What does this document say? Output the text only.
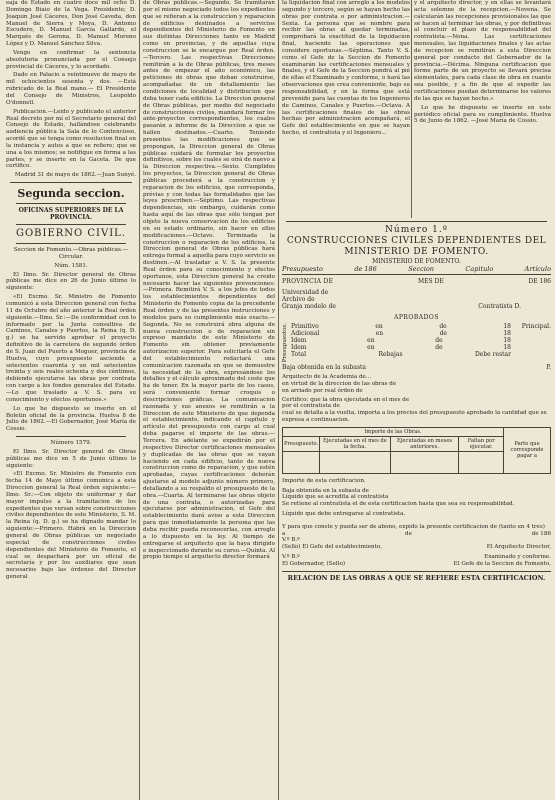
eaja de Estado en cuatro doce mil ocho D. Domingo Biaio de la Vega. Presidente; D. Joaquin José Cáceres, Don José Caveda, don Manuel de Sierra y Moya, D. Antonio Escudero, D. Manuel García Gallardo, el Marqués de Gerona, D. Manuel Moreno López y D. Manuel Sánchez Silva.

Vengo en confirmar la sentencia absolutoria pronunciada por el Consejo provincial de Cáceres, y lo acordado.

Dado en Palacio a veintinueve de mayo de mil ochocientos sesenta y dos. —Está rubricado de la Real mano.— El Presidente del Consejo de Ministros, Leopoldo O'donnell.

Publicacion.—Leido y publicado el anterior Real decreto por mí el Secretario general del Consejo de Estado, hallándose celebrando audiencia pública la Sala de lo Contencioso, acordé que se tenga como resolucion final en la instancia y autos a que se refiere; que se una a los mismos; se notifique en forma a las partes, y se inserte en la Gaceta. De que certifico.

Madrid 31 de mayo de 1862.—Juan Sunyé.

Segunda seccion.
OFICINAS SUPERIORES DE LA PROVINCIA.
GOBIERNO CIVIL.

Seccion de Fomento.—Obras públicas.—Circular.

Núm. 1581.

El Ilmo. Sr. Director general de Obras públicas me dice en 26 de Junio último lo siguiente:

«El Excmo. Sr. Ministro de Fomento comunicó a esta Direccion general con fecha 11 de Octubre del año anterior la Real órden siguiente.—Ilmo. Sr.:—De conformidad con lo informado por la Junta consultiva de Caminos, Canales y Puertos, la Reina (q. D. g.) se ha servido aprobar el proyecto definitivo de la carretera de segundo órden de S. Juan del Puerto a Moguer, provincia de Huelva, cuyo presupuesto asciende a setecientos cuarenta y un mil setecientos treinta y seis reales ochenta y dos céntimos, debiendo ejecutarse las obras por contrata con cargo a los fondos generales del Estado.—Lo que traslado a V. S. para su conocimiento y efectos oportunos.»

Lo que he dispuesto se inserte en el Boletin oficial de la provincia. Huelva 8 de Julio de 1862.—El Gobernador, José María de Cossio.

Número 1579.

El Ilmo. Sr. Director general de Obras públicas me dice en 5 de Junio último lo siguiente:

«El Excmo. Sr. Ministro de Fomento con fecha 14 de Mayo último comunica a esta Direccion general la Real órden siguiente:—Ilmo. Sr.:—Con objeto de uniformar y dar mayor impulso a la tramitacion de los expedientes que versan sobre construcciones civiles dependientes de este Ministerio, S. M. la Reina (q. D. g.) se ha dignado mandar lo siguiente:—Primero. Habrá en la Direccion general de Obras públicas un negociado especial de construcciones civiles dependientes del Ministerio de Fomento, el cual se despachará por un oficial de secretaría y por los auxiliares que sean necesarios bajo las órdenes del Director general

de Obras públicas.—Segundo. Se tramitarán por el mismo negociado todos los expedientes que se refieran a la construccion y reparacion de edificios destinados a servicios dependientes del Ministerio de Fomento en sus distintas Direcciones tanto en Madrid como en provincias, y de aquellas cuya construccion se le encargue por Real órden. —Tercero. Las respectivas Direcciones remitirán a la de Obras públicas, tres meses antes de empezar el año económico, las peticiones de obras que deban construirse, acompañadas de un detallamiento las condiciones de localidad y distribucion que deba tener cada edificio. La Direccion general de Obras públicas, por medio del negociado de construcciones civiles, mandará formar los ante-proyectos correspondientes, los cuales pasarán a informe de la Direccion a que se hallen destinados.—Cuarto. Teniendo presentes las modificaciones que se propongan, la Direccion general de Obras públicas cuidará de formular los proyectos definitivos, sobre los cuales se oirá de nuevo a la Direccion respectiva.—Sexto. Cumplidos los proyectos, la Direccion general de Obras públicas procederá a la construccion y reparacion de los edificios, que corresponda, prévias y con todas las formalidades que las leyes prescriben.—Séptimo. Las respectivas dependencias, sin embargo, cuidarán como hasta aquí de las obras que sólo tengan por objeto la nueva conservacion de los edificios en su estado ordinario, sin hacer en ellos modificaciones.—Octavo. Terminada la construccion o reparacion de los edificios, la Direccion general de Obras públicas hará entrega formal a aquella para cuyo servicio se destinen.—Al trasladar a V. S. la presente Real órden para su conocimiento y efectos oportunos, esta Direccion general ha creido necesario hacer las siguientes prevenciones:—Primera. Remitirá V. S. a los jefes de todos los establecimientos dependientes del Ministerio de Fomento copia de la precedente Real órden y de las presentes instrucciones y modelos para su cumplimiento más exacto.—Segunda. No se construirá obra alguna de nueva construccion o de reparacion sin expreso mandato de este Ministerio de Fomento sin obtener previamente autorizacion superior. Para solicitarla el Gefe del establecimiento redactará una comunicacion razonada en que se demuestre la necesidad de la obra, expresándose los detalles y el cálculo aproximado del coste que ha de tener. En la mayor parte de los casos, será conveniente formar croquis o descripciones gráficas. La comunicacion razonada y sus anexos se remitirán a la Direccion de este Ministerio de que dependa el establecimiento, indicando el capítulo y artículo del presupuesto con cargo al cual deba pagarse el importe de las obras.—Tercera. En adelante se expedirán por el respectivo Director certificaciones mensuales y duplicadas de las obras que se vayan haciendo en cada edificio, tanto de nueva construccion como de reparacion, y que estén aprobadas, cuyas certificaciones deberán ajustarse al modelo adjunto número primero, detallando a su respaldo el presupuesto de la obra.—Cuarta. Al terminarse las obras objeto de una contrata, o autorizadas para ejecutarse por administracion, el Gefe del establecimiento dará aviso a esta Direccion para que inmediatamente la persona que las deba recibir pueda reconocerlas, con arreglo a lo dispuesto en la ley. Al tiempo de entregarse el arquitecto que la haya dirigido e inspeccionado durante su curso.—Quinta. Al propio tiempo el arquitecto director formará

la liquidacion final con arreglo a los modelos segundo y tercero, según se hayan hecho las obras por contrata o por administracion.—Sexta. La persona que se nombre para recibir las obras al quedar terminadas, comprobará la exactitud de la liquidacion final, haciendo las operaciones que considere oportunas.—Séptima. Tanto V. S. como el Gefe de la Seccion de Fomento examinarán las certificaciones mensuales y finales, y el Gefe de la Seccion pondrá al pié de ellas el Examinado y conforme, o hará las observaciones que crea conveniente, bajo su responsabilidad, y en la forma que está prevenido para las cuentas de los Ingenieros de Caminos, Canales y Puertos.—Octava. A las certificaciones finales de las obras hechas por administracion acompañará, el Gefe del establecimiento en que se hayan hecho, el contratista y el Ingeniero...

y el arquitecto director, y en ellas se levantará acta solemne de la recepcion.—Novena. Se calcularán las recepciones provisionales las que se hacen al terminar las obras, y por definitivas al concluir el plazo de responsabilidad del contratista.—Nona. Las certificaciones mensuales, las liquidaciones finales y las actas de recepcion se remitirán a esta Direccion general por conducto del Gobernador de la provincia.—Décima. Ninguna certificacion que forme parte de un proyecto se llevará precisa elementales, para cada clase de obra en cuanto sea posible, y a fin de que al expedir las certificaciones puedan determinarse los valores de las que se hayan hecho.»

Lo que he dispuesto se inserte en este periódico oficial para su cumplimiento. Huelva 5 de Junio de 1862. —José María de Cossio.

Número 1.º
CONSTRUCCIONES CIVILES DEPENDIENTES DEL MINISTERIO DE FOMENTO.
MINISTERIO DE FOMENTO.
Presupuesto	de 186	Seccion	Capitulo	Artículo
PROVINCIA DE	MES DE	DE 186
Universidad de
Archivo de
Granja modelo de	Contratista D.
APROBADOS
Presupuestos. Primitivo	en	de	18
Adicional	en	de	18
Idem	en	de	18
Idem	en	de	18
Total	Rebajas	Debe restar
Principal.
Baja obtenida en la subasta	P.
Arquitecto de la Academia de...
en virtud de la direccion de las obras de
en arriado por real órden de
Certifico: que la obra ejecutada en el mes de
por el contratista de
cual se detalla a la vuelta, importa a los precios del presupuesto aprobado la cantidad que se expresa a continuacion.
Importe de las Obras.				Parte que corresponde pagar a
Presupuesto.	Ejecutadas en el mes de la fecha.	Ejecutadas en meses anteriores.	Faltan por ejecutar.	

Importe de esta certificacion.
Baja obtenida en la subasta de
Líquido que se acredita al contratista
Se retiene al contratista el de esta certificacion hasta que sea su responsabilidad.
Líquido que debe entregarse al contratista.
Y para que conste y pueda ser de abono, expido la presente certificacion de (tanto en 4 tres)
a	de	de 186
V.º B.º
(Sello) El Gefe del establecimiento,	El Arquitecto Director,
V.º B.º	Examinado y conforme.
El Gobernador, (Sello)	El Gefe de la Seccion de Fomento,
RELACION DE LAS OBRAS A QUE SE REFIERE ESTA CERTIFICACION.
